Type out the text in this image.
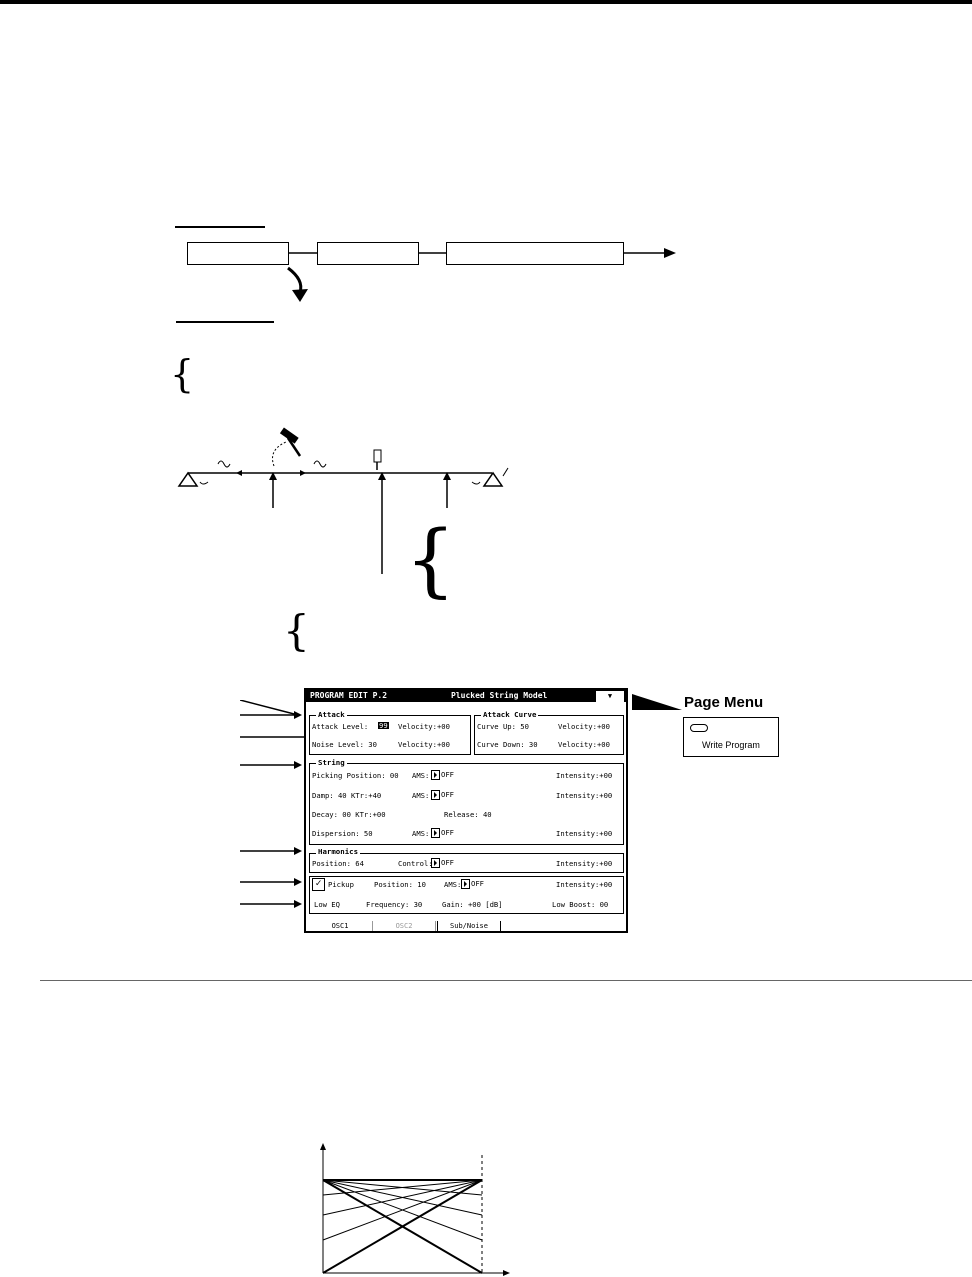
{
{
{
PROGRAM EDIT P.2	Plucked String Model	▼
Attack
Attack Level: 99 Velocity:+00
Noise Level: 30	Velocity:+00
Attack Curve
Curve Up: 50	Velocity:+00
Curve Down: 30	Velocity:+00
String
Picking Position: 00 AMS:	OFF	Intensity:+00
Damp: 40 KTr:+40	AMS:	OFF	Intensity:+00
Decay: 00 KTr:+00	Release: 40
Dispersion: 50	AMS:	OFF	Intensity:+00
Harmonics
Position: 64	Control:	OFF	Intensity:+00
✓ Pickup	Position: 10	AMS:	OFF	Intensity:+00
Low EQ	Frequency: 30	Gain: +00 [dB]	Low Boost: 00
OSC1	OSC2	Sub/Noise
Page Menu
Write Program
